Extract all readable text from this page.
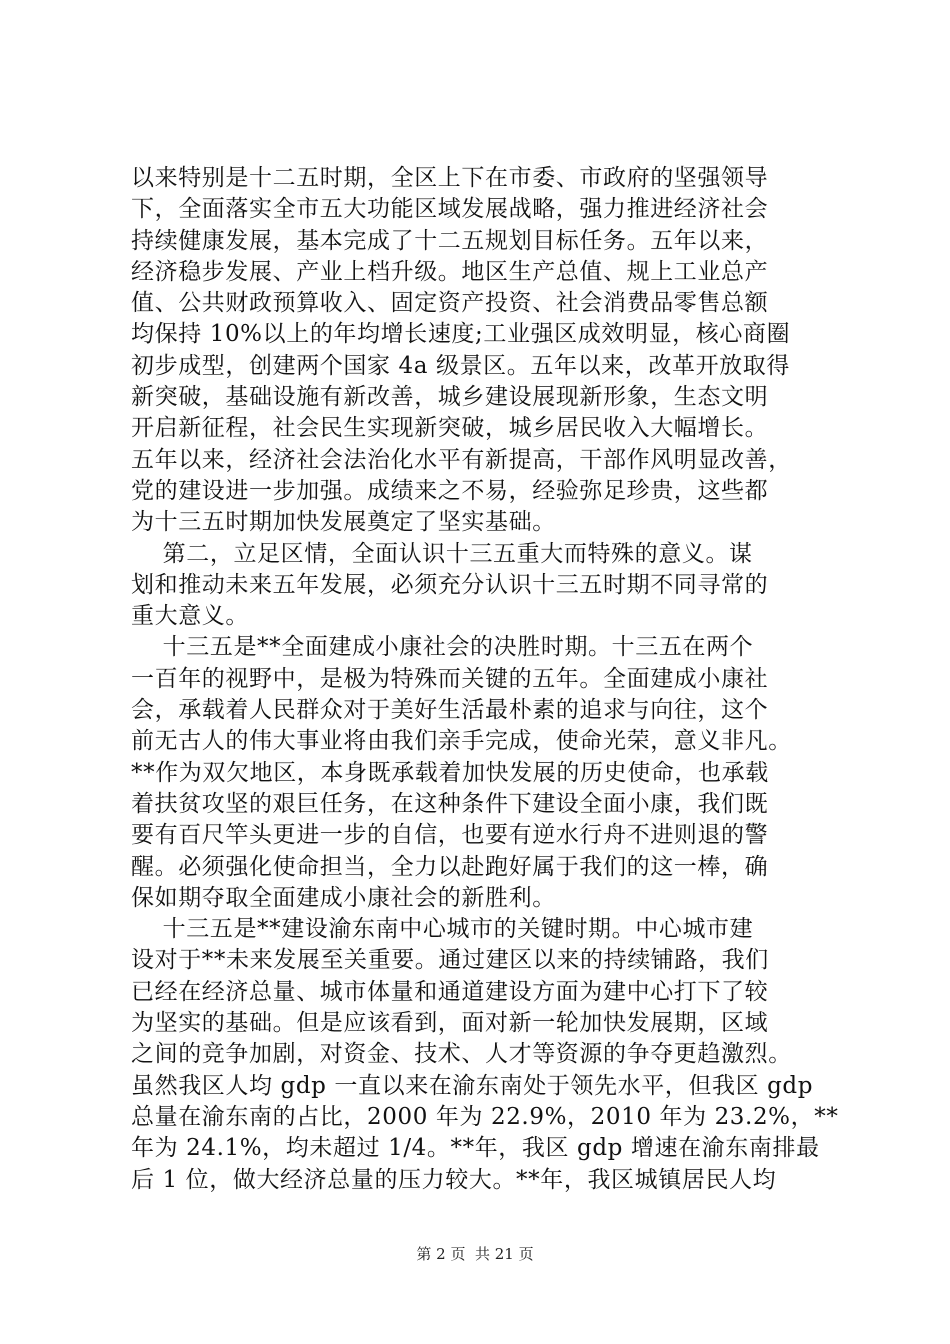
以来特别是十二五时期，全区上下在市委、市政府的坚强领导
下，全面落实全市五大功能区域发展战略，强力推进经济社会
持续健康发展，基本完成了十二五规划目标任务。五年以来，
经济稳步发展、产业上档升级。地区生产总值、规上工业总产
值、公共财政预算收入、固定资产投资、社会消费品零售总额
均保持 10%以上的年均增长速度;工业强区成效明显，核心商圈
初步成型，创建两个国家 4a 级景区。五年以来，改革开放取得
新突破，基础设施有新改善，城乡建设展现新形象，生态文明
开启新征程，社会民生实现新突破，城乡居民收入大幅增长。
五年以来，经济社会法治化水平有新提高，干部作风明显改善，
党的建设进一步加强。成绩来之不易，经验弥足珍贵，这些都
为十三五时期加快发展奠定了坚实基础。
第二，立足区情，全面认识十三五重大而特殊的意义。谋
划和推动未来五年发展，必须充分认识十三五时期不同寻常的
重大意义。
十三五是**全面建成小康社会的决胜时期。十三五在两个
一百年的视野中，是极为特殊而关键的五年。全面建成小康社
会，承载着人民群众对于美好生活最朴素的追求与向往，这个
前无古人的伟大事业将由我们亲手完成，使命光荣，意义非凡。
**作为双欠地区，本身既承载着加快发展的历史使命，也承载
着扶贫攻坚的艰巨任务，在这种条件下建设全面小康，我们既
要有百尺竿头更进一步的自信，也要有逆水行舟不进则退的警
醒。必须强化使命担当，全力以赴跑好属于我们的这一棒，确
保如期夺取全面建成小康社会的新胜利。
十三五是**建设渝东南中心城市的关键时期。中心城市建
设对于**未来发展至关重要。通过建区以来的持续铺路，我们
已经在经济总量、城市体量和通道建设方面为建中心打下了较
为坚实的基础。但是应该看到，面对新一轮加快发展期，区域
之间的竞争加剧，对资金、技术、人才等资源的争夺更趋激烈。
虽然我区人均 gdp 一直以来在渝东南处于领先水平，但我区 gdp
总量在渝东南的占比，2000 年为 22.9%，2010 年为 23.2%，**
年为 24.1%，均未超过 1/4。**年，我区 gdp 增速在渝东南排最
后 1 位，做大经济总量的压力较大。**年，我区城镇居民人均
第 2 页  共 21 页
